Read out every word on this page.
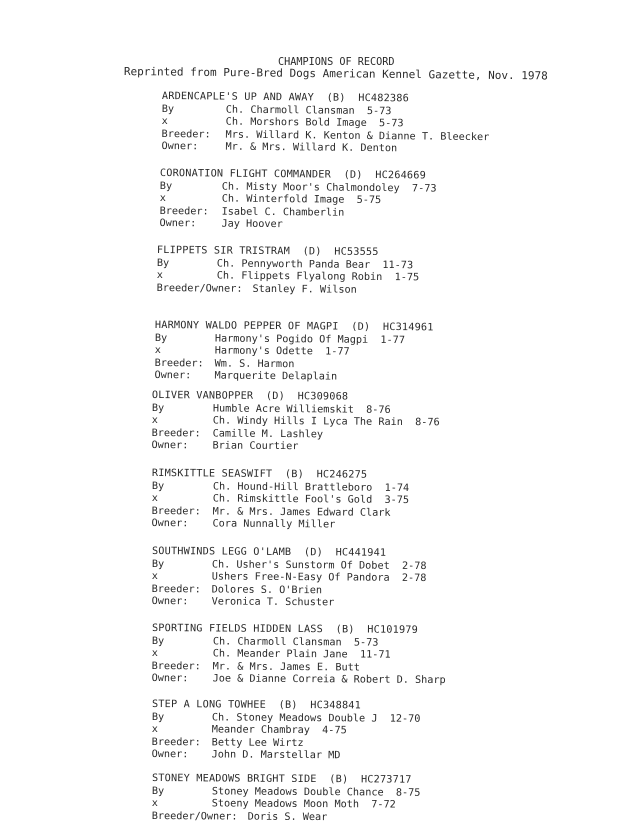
CHAMPIONS OF RECORD
Reprinted from Pure-Bred Dogs American Kennel Gazette, Nov. 1978
ARDENCAPLE'S UP AND AWAY  (B)  HC482386
By	Ch. Charmoll Clansman  5-73
x	Ch. Morshors Bold Image  5-73
Breeder: Mrs. Willard K. Kenton & Dianne T. Bleecker
Owner:	Mr. & Mrs. Willard K. Denton
CORONATION FLIGHT COMMANDER  (D)  HC264669
By	Ch. Misty Moor's Chalmondoley  7-73
x	Ch. Winterfold Image  5-75
Breeder: Isabel C. Chamberlin
Owner: Jay Hoover
FLIPPETS SIR TRISTRAM  (D)  HC53555
By	Ch. Pennyworth Panda Bear  11-73
x	Ch. Flippets Flyalong Robin  1-75
Breeder/Owner: Stanley F. Wilson
HARMONY WALDO PEPPER OF MAGPI  (D)  HC314961
By	Harmony's Pogido Of Magpi  1-77
x	Harmony's Odette  1-77
Breeder: Wm. S. Harmon
Owner: Marquerite Delaplain
OLIVER VANBOPPER  (D)  HC309068
By	Humble Acre Williemskit  8-76
x	Ch. Windy Hills I Lyca The Rain  8-76
Breeder: Camille M. Lashley
Owner: Brian Courtier
RIMSKITTLE SEASWIFT  (B)  HC246275
By	Ch. Hound-Hill Brattleboro  1-74
x	Ch. Rimskittle Fool's Gold  3-75
Breeder: Mr. & Mrs. James Edward Clark
Owner: Cora Nunnally Miller
SOUTHWINDS LEGG O'LAMB  (D)  HC441941
By	Ch. Usher's Sunstorm Of Dobet  2-78
x	Ushers Free-N-Easy Of Pandora  2-78
Breeder: Dolores S. O'Brien
Owner: Veronica T. Schuster
SPORTING FIELDS HIDDEN LASS  (B)  HC101979
By	Ch. Charmoll Clansman  5-73
x	Ch. Meander Plain Jane  11-71
Breeder: Mr. & Mrs. James E. Butt
Owner: Joe & Dianne Correia & Robert D. Sharp
STEP A LONG TOWHEE  (B)  HC348841
By	Ch. Stoney Meadows Double J  12-70
x	Meander Chambray  4-75
Breeder: Betty Lee Wirtz
Owner: John D. Marstellar MD
STONEY MEADOWS BRIGHT SIDE  (B)  HC273717
By	Stoney Meadows Double Chance  8-75
x	Stoeny Meadows Moon Moth  7-72
Breeder/Owner: Doris S. Wear
